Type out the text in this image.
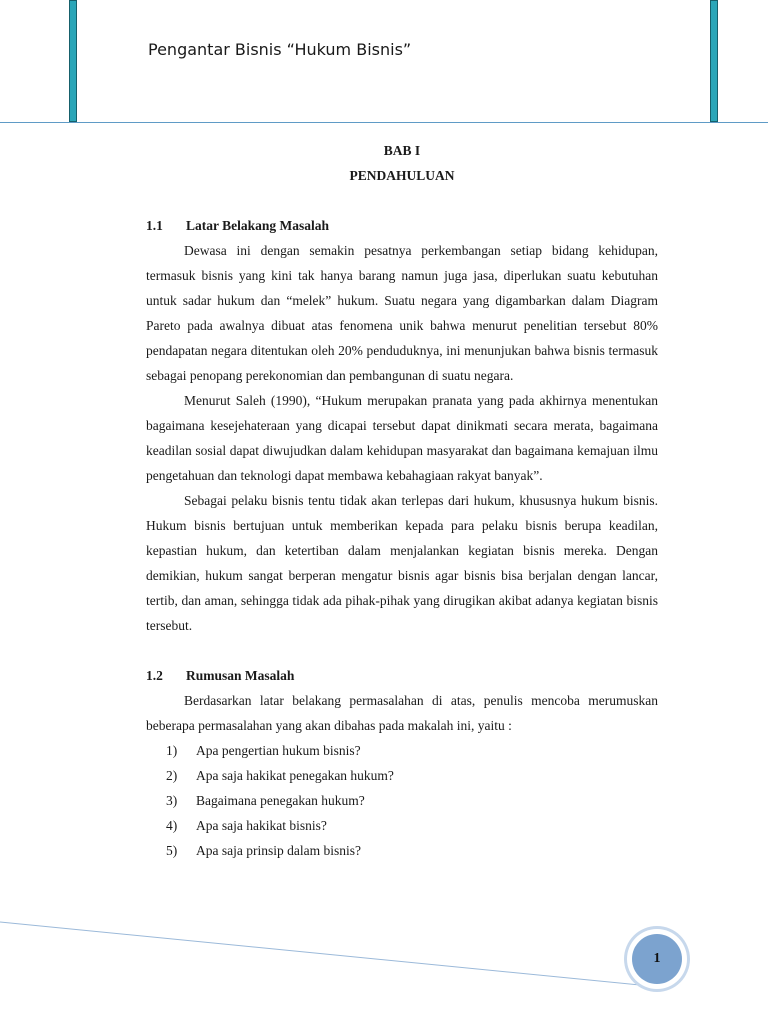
Pengantar Bisnis “Hukum Bisnis”
BAB I
PENDAHULUAN
1.1 Latar Belakang Masalah

Dewasa ini dengan semakin pesatnya perkembangan setiap bidang kehidupan, termasuk bisnis yang kini tak hanya barang namun juga jasa, diperlukan suatu kebutuhan untuk sadar hukum dan “melek” hukum. Suatu negara yang digambarkan dalam Diagram Pareto pada awalnya dibuat atas fenomena unik bahwa menurut penelitian tersebut 80% pendapatan negara ditentukan oleh 20% penduduknya, ini menunjukan bahwa bisnis termasuk sebagai penopang perekonomian dan pembangunan di suatu negara.

Menurut Saleh (1990), “Hukum merupakan pranata yang pada akhirnya menentukan bagaimana kesejehateraan yang dicapai tersebut dapat dinikmati secara merata, bagaimana keadilan sosial dapat diwujudkan dalam kehidupan masyarakat dan bagaimana kemajuan ilmu pengetahuan dan teknologi dapat membawa kebahagiaan rakyat banyak”.

Sebagai pelaku bisnis tentu tidak akan terlepas dari hukum, khususnya hukum bisnis. Hukum bisnis bertujuan untuk memberikan kepada para pelaku bisnis berupa keadilan, kepastian hukum, dan ketertiban dalam menjalankan kegiatan bisnis mereka. Dengan demikian, hukum sangat berperan mengatur bisnis agar bisnis bisa berjalan dengan lancar, tertib, dan aman, sehingga tidak ada pihak-pihak yang dirugikan akibat adanya kegiatan bisnis tersebut.

1.2 Rumusan Masalah

Berdasarkan latar belakang permasalahan di atas, penulis mencoba merumuskan beberapa permasalahan yang akan dibahas pada makalah ini, yaitu :

1)	Apa pengertian hukum bisnis?
2)	Apa saja hakikat penegakan hukum?
3)	Bagaimana penegakan hukum?
4)	Apa saja hakikat bisnis?
5)	Apa saja prinsip dalam bisnis?
1
